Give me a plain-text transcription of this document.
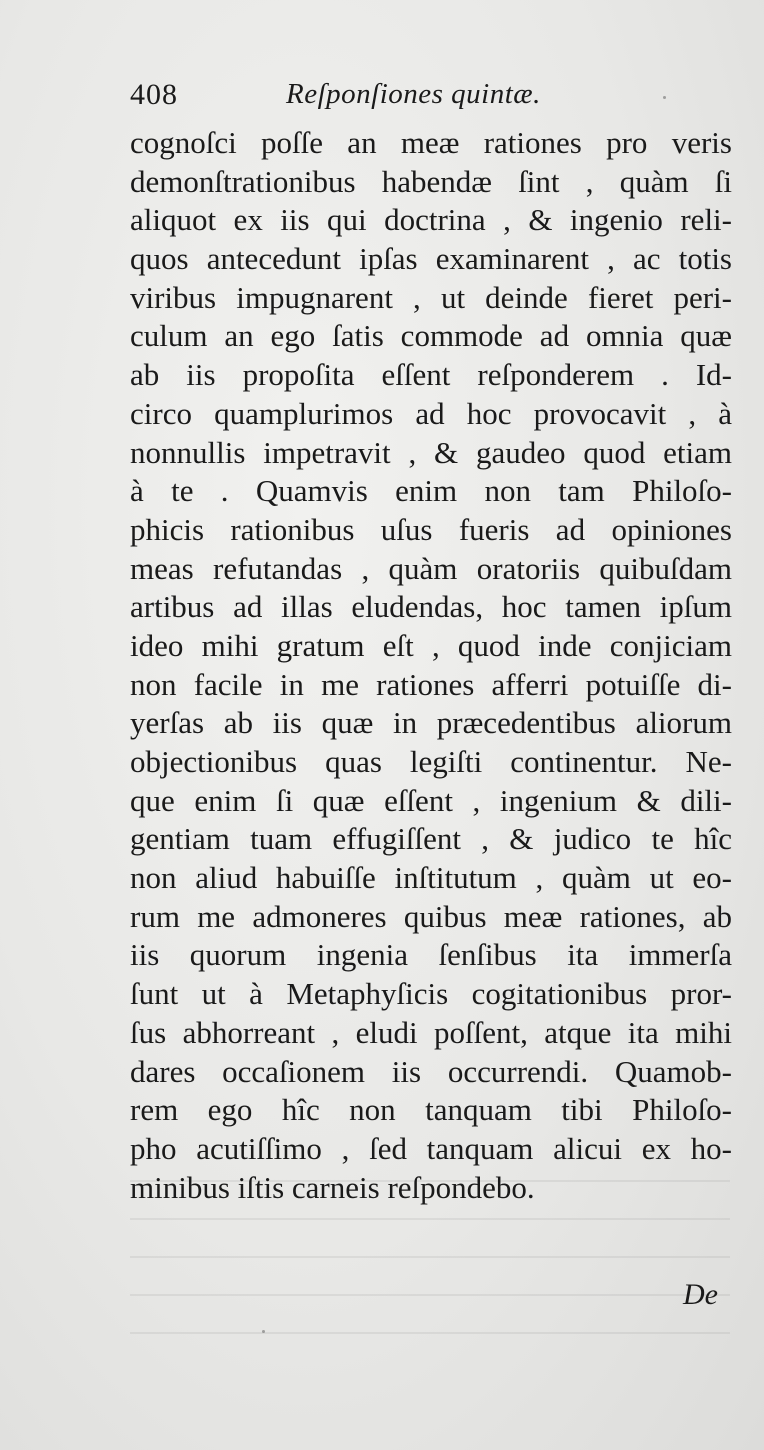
408	Reſponſiones quintæ.
cognoſci poſſe an meæ rationes pro veris
demonſtrationibus habendæ ſint , quàm ſi
aliquot ex iis qui doctrina , & ingenio reli-
quos antecedunt ipſas examinarent , ac totis
viribus impugnarent , ut deinde fieret peri-
culum an ego ſatis commode ad omnia quæ
ab iis propoſita eſſent reſponderem . Id-
circo quamplurimos ad hoc provocavit , à
nonnullis impetravit , & gaudeo quod etiam
à te . Quamvis enim non tam Philoſo-
phicis rationibus uſus fueris ad opiniones
meas refutandas , quàm oratoriis quibuſdam
artibus ad illas eludendas, hoc tamen ipſum
ideo mihi gratum eſt , quod inde conjiciam
non facile in me rationes afferri potuiſſe di-
yerſas ab iis quæ in præcedentibus aliorum
objectionibus quas legiſti continentur. Ne-
que enim ſi quæ eſſent , ingenium & dili-
gentiam tuam effugiſſent , & judico te hîc
non aliud habuiſſe inſtitutum , quàm ut eo-
rum me admoneres quibus meæ rationes, ab
iis quorum ingenia ſenſibus ita immerſa
ſunt ut à Metaphyſicis cogitationibus pror-
ſus abhorreant , eludi poſſent, atque ita mihi
dares occaſionem iis occurrendi. Quamob-
rem ego hîc non tanquam tibi Philoſo-
pho acutiſſimo , ſed tanquam alicui ex ho-
minibus iſtis carneis reſpondebo.
De
